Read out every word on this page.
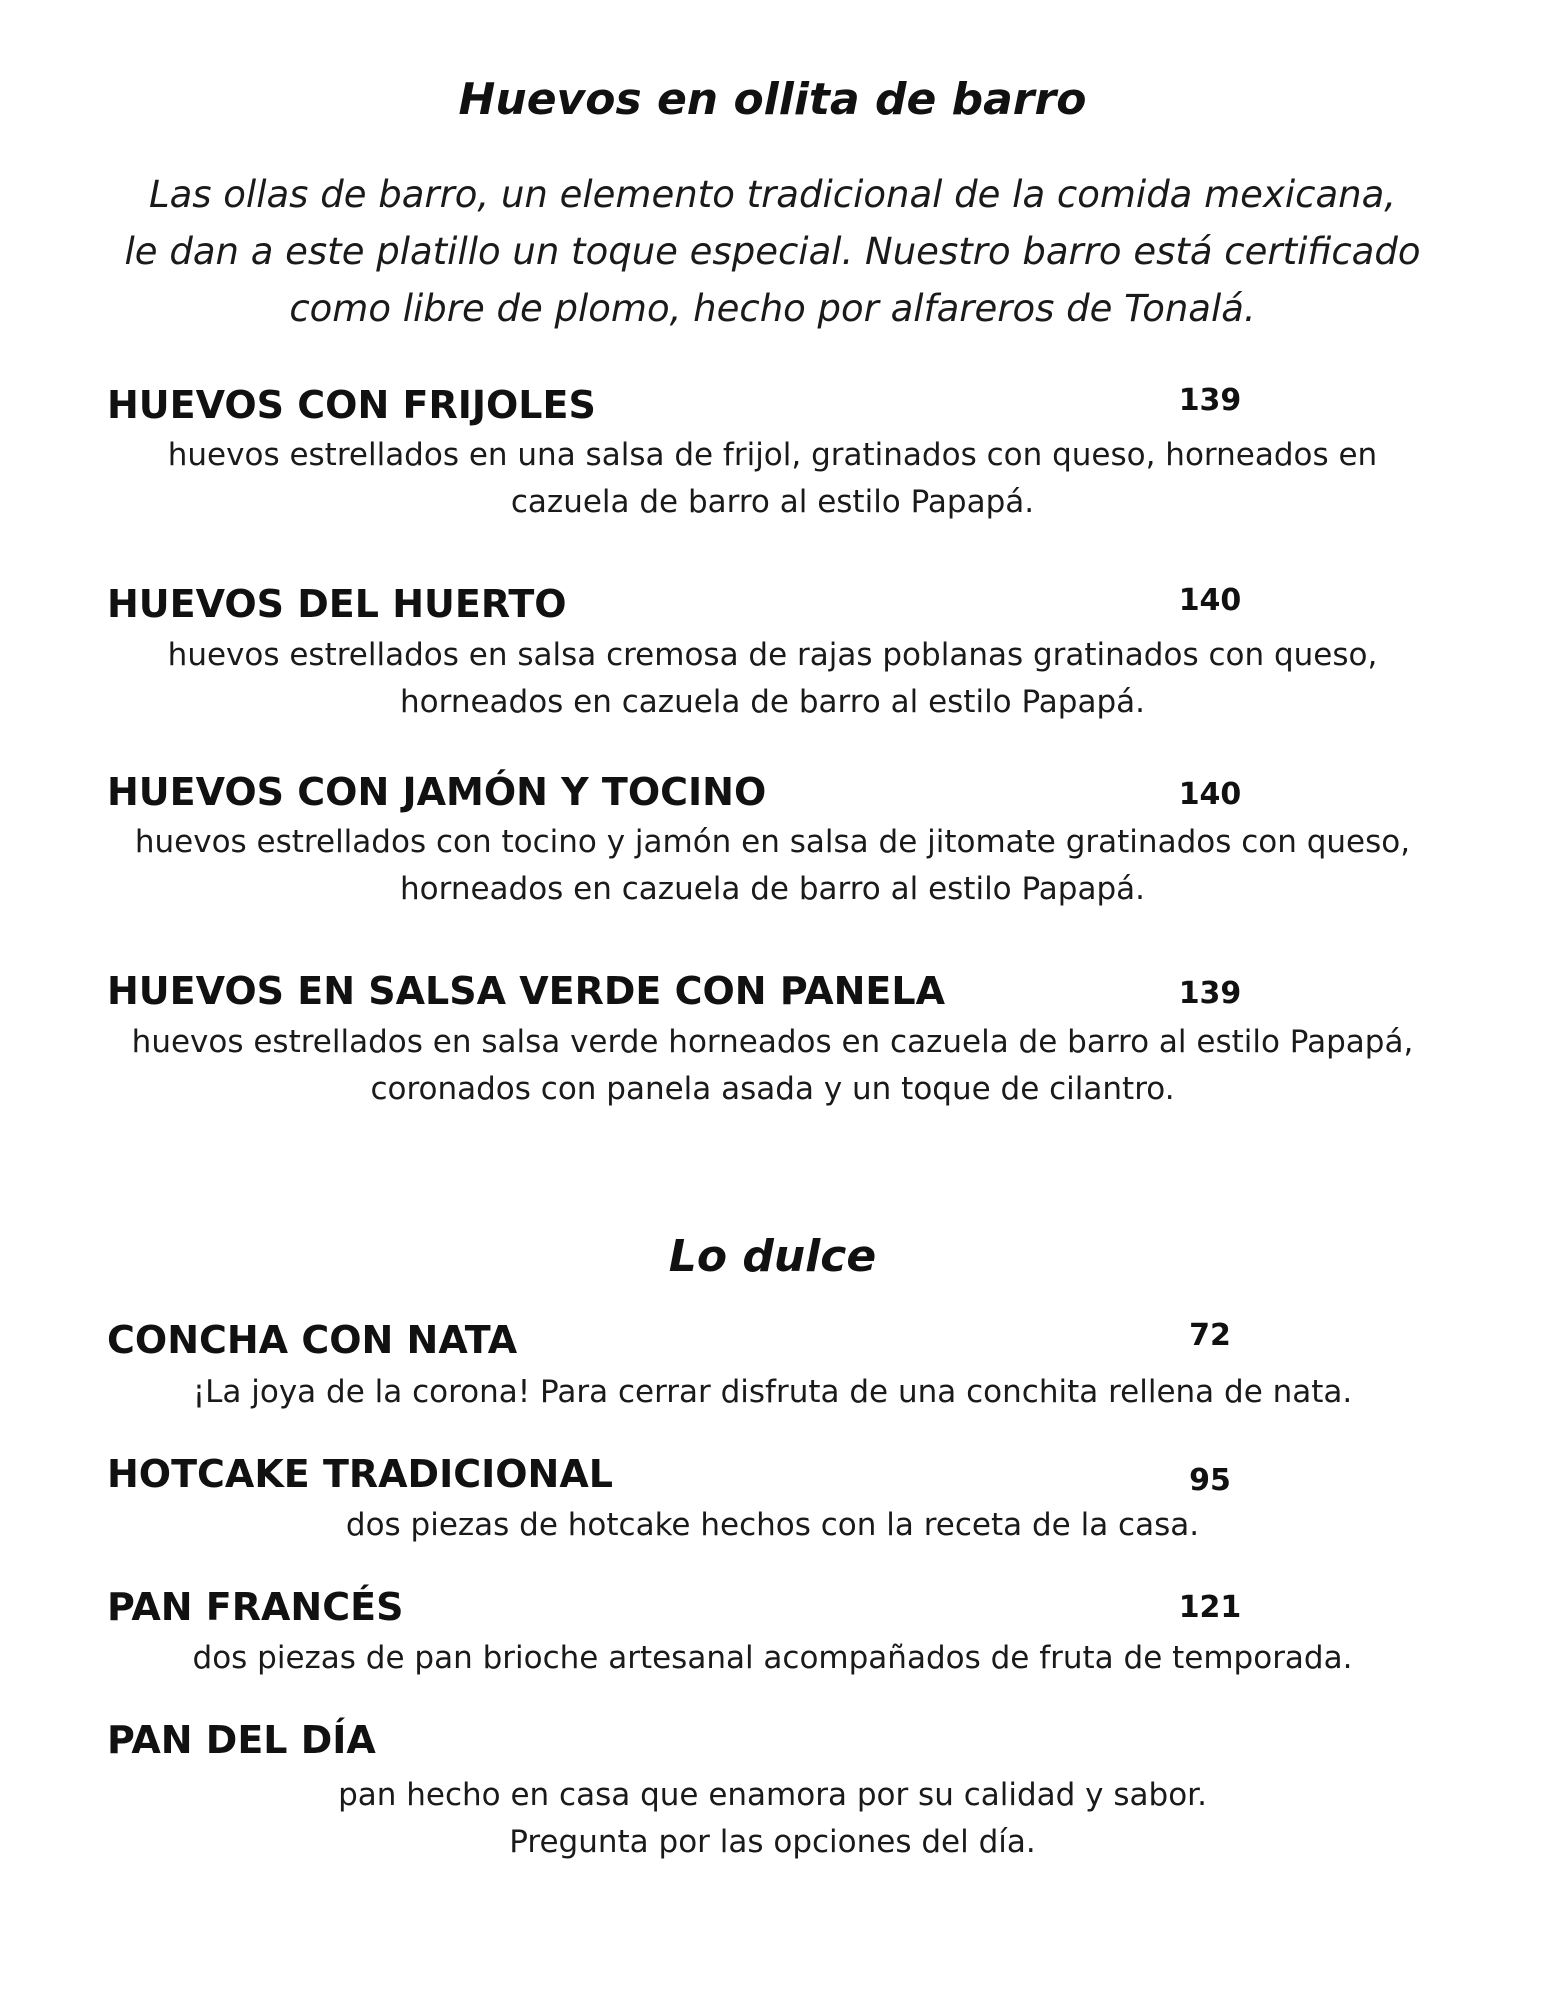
Huevos en ollita de barro
Las ollas de barro, un elemento tradicional de la comida mexicana,
le dan a este platillo un toque especial. Nuestro barro está certificado
como libre de plomo, hecho por alfareros de Tonalá.
HUEVOS CON FRIJOLES	139
huevos estrellados en una salsa de frijol, gratinados con queso, horneados en
cazuela de barro al estilo Papapá.
HUEVOS DEL HUERTO	140
huevos estrellados en salsa cremosa de rajas poblanas gratinados con queso,
horneados en cazuela de barro al estilo Papapá.
HUEVOS CON JAMÓN Y TOCINO	140
huevos estrellados con tocino y jamón en salsa de jitomate gratinados con queso,
horneados en cazuela de barro al estilo Papapá.
HUEVOS EN SALSA VERDE CON PANELA	139
huevos estrellados en salsa verde horneados en cazuela de barro al estilo Papapá,
coronados con panela asada y un toque de cilantro.
Lo dulce
CONCHA CON NATA	72
¡La joya de la corona! Para cerrar disfruta de una conchita rellena de nata.
HOTCAKE TRADICIONAL	95
dos piezas de hotcake hechos con la receta de la casa.
PAN FRANCÉS	121
dos piezas de pan brioche artesanal acompañados de fruta de temporada.
PAN DEL DÍA
pan hecho en casa que enamora por su calidad y sabor.
Pregunta por las opciones del día.
